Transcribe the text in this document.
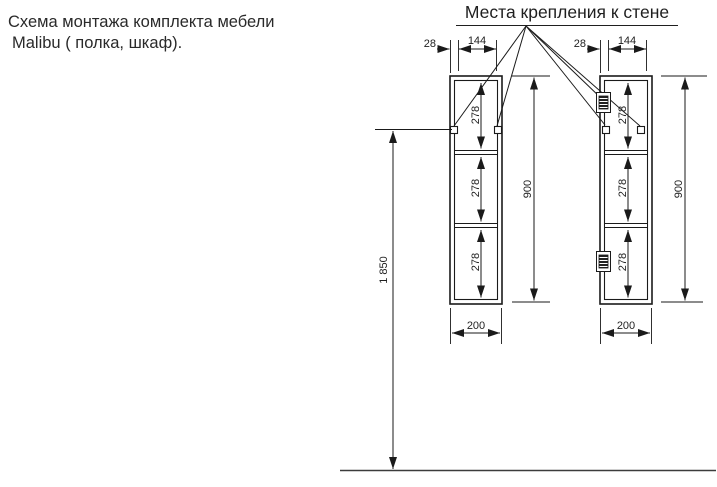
Схема монтажа комплекта мебели
Malibu ( полка, шкаф).
Места крепления к стене
28	144	28	144
278
278
278
278
278
278
900	900
200	200
1 850
